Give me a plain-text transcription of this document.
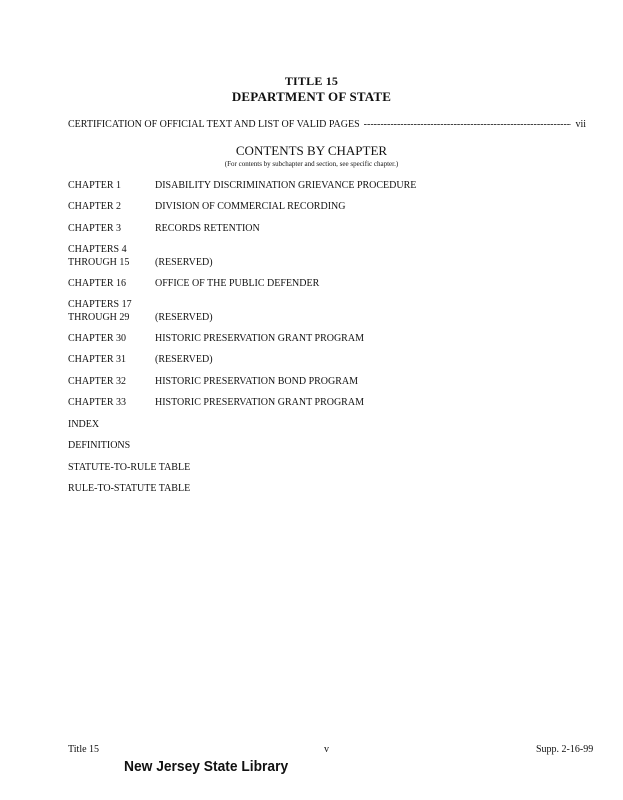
TITLE 15
DEPARTMENT OF STATE
CERTIFICATION OF OFFICIAL TEXT AND LIST OF VALID PAGES
-----	vii
CONTENTS BY CHAPTER
(For contents by subchapter and section, see specific chapter.)
CHAPTER 1	DISABILITY DISCRIMINATION GRIEVANCE PROCEDURE
CHAPTER 2	DIVISION OF COMMERCIAL RECORDING
CHAPTER 3	RECORDS RETENTION
CHAPTERS 4
THROUGH 15	(RESERVED)
CHAPTER 16	OFFICE OF THE PUBLIC DEFENDER
CHAPTERS 17
THROUGH 29	(RESERVED)
CHAPTER 30	HISTORIC PRESERVATION GRANT PROGRAM
CHAPTER 31	(RESERVED)
CHAPTER 32	HISTORIC PRESERVATION BOND PROGRAM
CHAPTER 33	HISTORIC PRESERVATION GRANT PROGRAM
INDEX
DEFINITIONS
STATUTE-TO-RULE TABLE
RULE-TO-STATUTE TABLE
Title 15	v	Supp. 2-16-99
New Jersey State Library
